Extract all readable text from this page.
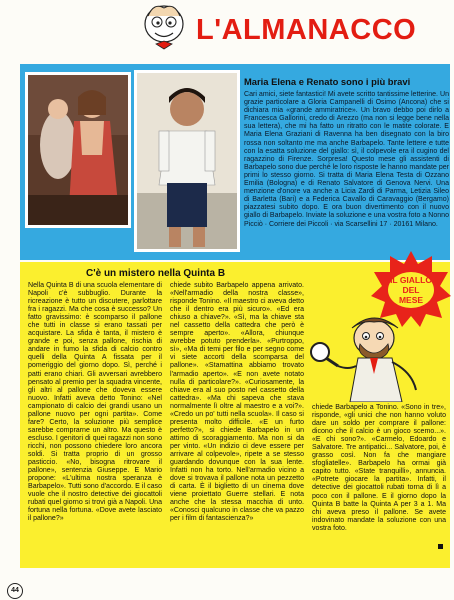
L'ALMANACCO
Maria Elena e Renato sono i più bravi
Cari amici, siete fantastici! Mi avete scritto tantissime letterine. Un grazie particolare a Gloria Campanelli di Osimo (Ancona) che si dichiara mia «grande ammiratrice». Un bravo debbo poi dirlo a Francesca Gallorini, credo di Arezzo (ma non si legge bene nella sua lettera), che mi ha fatto un ritratto con le matite colorate. E Maria Elena Graziani di Ravenna ha ben disegnato con la biro rossa non soltanto me ma anche Barbapelo. Tante lettere e tutte con la esatta soluzione del giallo: sì, il colpevole era il cugino del ragazzino di Firenze. Sorpresa! Questo mese gli assistenti di Barbapelo sono due perché le loro risposte le hanno mandate per primi lo stesso giorno. Si tratta di Maria Elena Testa di Ozzano Emilia (Bologna) e di Renato Salvatore di Genova Nervi. Una menzione d'onore va anche a Licia Zardi di Parma, Letizia Sileo di Barletta (Bari) e a Federica Cavallo di Caravaggio (Bergamo) piazzatesi subito dopo. E ora buon divertimento con il nuovo giallo di Barbapelo. Inviate la soluzione e una vostra foto a Nonno Picciò · Corriere dei Piccoli · via Scarsellini 17 · 20161 Milano.
C'è un mistero nella Quinta B
IL GIALLO
DEL
MESE
Nella Quinta B di una scuola elementare di Napoli c'è subbuglio. Durante la ricreazione è tutto un discutere, parlottare fra i ragazzi. Ma che cosa è successo? Un fatto gravissimo: è scomparso il pallone che tutti in classe si erano tassati per acquistare. La sfida è tanta, il mistero è grande e poi, senza pallone, rischia di andare in fumo la sfida di calcio contro quelli della Quinta A fissata per il pomeriggio del giorno dopo. Sì, perché i patti erano chiari. Gli avversari avrebbero pensato al premio per la squadra vincente, gli altri al pallone che doveva essere nuovo. Infatti aveva detto Tonino: «Nel campionato di calcio dei grandi usano un pallone nuovo per ogni partita». Come fare? Certo, la soluzione più semplice sarebbe comprarne un altro. Ma questo è escluso. I genitori di quei ragazzi non sono ricchi, non possono chiedere loro ancora soldi. Si tratta proprio di un grosso pasticcio. «No, bisogna ritrovare il pallone», sentenzia Giuseppe. E Mario propone: «L'ultima nostra speranza è Barbapelo». Tutti sono d'accordo. E il caso vuole che il nostro detective dei giocattoli rubati quel giorno si trovi già a Napoli. Una fortuna nella fortuna. «Dove avete lasciato il pallone?»
chiede subito Barbapelo appena arrivato. «Nell'armadio della nostra classe», risponde Tonino. «Il maestro ci aveva detto che il dentro era più sicuro». «Ed era chiuso a chiave?». «Sì, ma la chiave sta nel cassetto della cattedra che però è sempre aperto». «Allora, chiunque avrebbe potuto prenderla». «Purtroppo, sì», «Ma di temi per filo e per segno come vi siete accorti della scomparsa del pallone». «Stamattina abbiamo trovato l'armadio aperto». «E non avete notato nulla di particolare?». «Curiosamente, la chiave era al suo posto nel cassetto della cattedra». «Ma chi sapeva che stava normalmente lì oltre al maestro e a voi?». «Credo un po' tutti nella scuola». Il caso si presenta molto difficile. «E un furto perfetto?», si chiede Barbapelo in un attimo di scoraggiamento. Ma non si da per vinto. «Un indizio ci deve essere per arrivare al colpevole», ripete a se stesso guardando dovunque con la sua lente. Infatti non ha torto. Nell'armadio vicino a dove si trovava il pallone nota un pezzetto di carta. È il biglietto di un cinema dove viene proiettato Guerre stellari. E nota anche che la stessa macchia di unto. «Conosci qualcuno in classe che va pazzo per i film di fantascienza?»
chiede Barbapelo a Tonino. «Sono in tre», risponde, «gli unici che non hanno voluto dare un soldo per comprare il pallone: dicono che il calcio è un gioco scemo...». «E chi sono?». «Carmelo, Edoardo e Salvatore. Tre antipatici... Salvatore, poi, è grasso così. Non fa che mangiare sfogliatelle». Barbapelo ha ormai già capito tutto. «State tranquilli», annuncia. «Potrete giocare la partita». Infatti, il detective dei giocattoli rubati torna di lì a poco con il pallone. E il giorno dopo la Quinta B batte la Quinta A per 3 a 1. Ma chi aveva preso il pallone. Se avete indovinato mandate la soluzione con una vostra foto.
44
